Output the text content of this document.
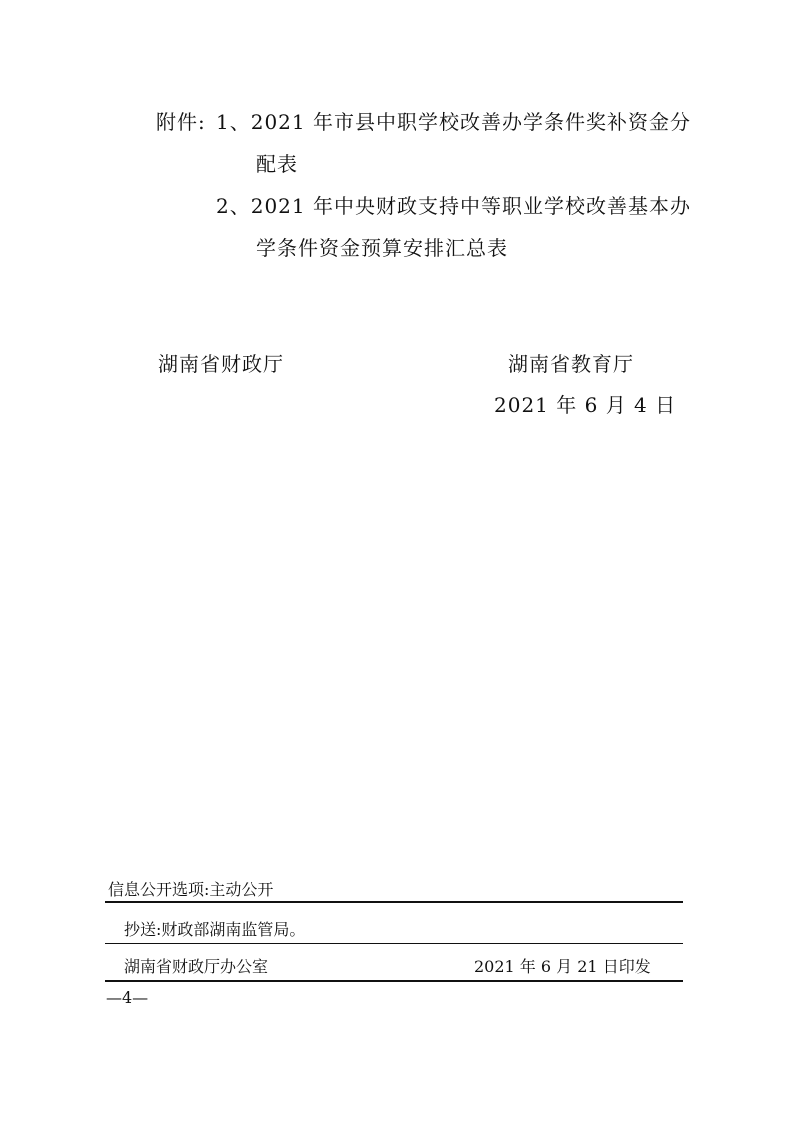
附件: 1、2021 年市县中职学校改善办学条件奖补资金分
配表
2、2021 年中央财政支持中等职业学校改善基本办
学条件资金预算安排汇总表
湖南省财政厅	湖南省教育厅
2021 年 6 月 4 日
信息公开选项:主动公开
抄送:财政部湖南监管局。
湖南省财政厅办公室	2021 年 6 月 21 日印发
—4—
